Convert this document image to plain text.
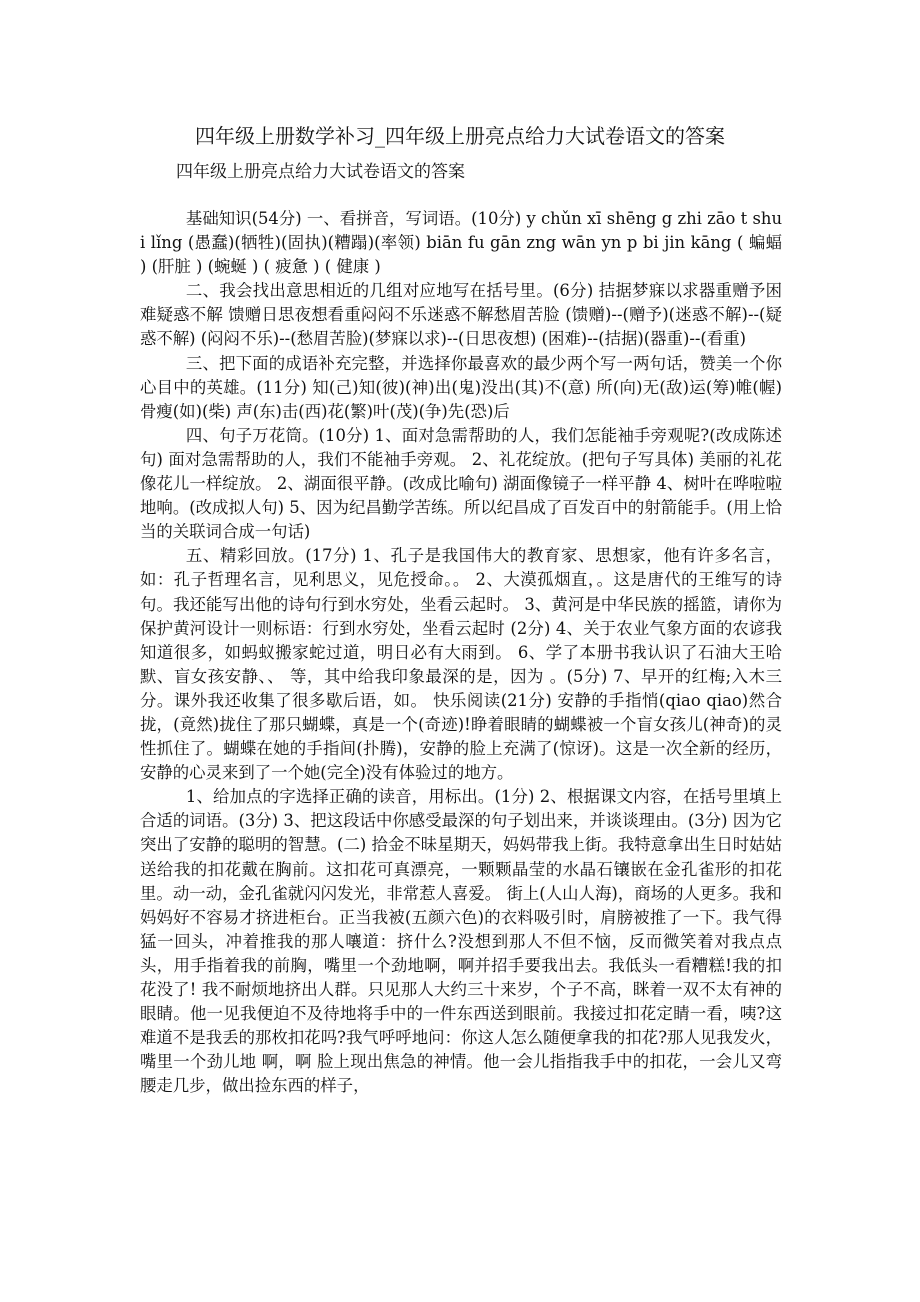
四年级上册数学补习_四年级上册亮点给力大试卷语文的答案

四年级上册亮点给力大试卷语文的答案

基础知识(54分) 一、看拼音，写词语。(10分) y chǔn xī shēng g zhi zāo t shui lǐng (愚蠢)(牺牲)(固执)(糟蹋)(率领) biān fu gān zng wān yn p bi jin kāng ( 蝙蝠 ) (肝脏 ) (蜿蜒 ) ( 疲惫 ) ( 健康 )

二、我会找出意思相近的几组对应地写在括号里。(6分) 拮据梦寐以求器重赠予困难疑惑不解 馈赠日思夜想看重闷闷不乐迷惑不解愁眉苦脸 (馈赠)--(赠予)(迷惑不解)--(疑惑不解) (闷闷不乐)--(愁眉苦脸)(梦寐以求)--(日思夜想) (困难)--(拮据)(器重)--(看重)

三、把下面的成语补充完整，并选择你最喜欢的最少两个写一两句话，赞美一个你心目中的英雄。(11分) 知(己)知(彼)(神)出(鬼)没出(其)不(意) 所(向)无(敌)运(筹)帷(幄)骨瘦(如)(柴) 声(东)击(西)花(繁)叶(茂)(争)先(恐)后

四、句子万花筒。(10分) 1、面对急需帮助的人，我们怎能袖手旁观呢?(改成陈述句) 面对急需帮助的人，我们不能袖手旁观。 2、礼花绽放。(把句子写具体) 美丽的礼花像花儿一样绽放。 2、湖面很平静。(改成比喻句) 湖面像镜子一样平静 4、树叶在哗啦啦地响。(改成拟人句) 5、因为纪昌勤学苦练。所以纪昌成了百发百中的射箭能手。(用上恰当的关联词合成一句话)

五、精彩回放。(17分) 1、孔子是我国伟大的教育家、思想家，他有许多名言，如：孔子哲理名言，见利思义，见危授命。。 2、大漠孤烟直，。这是唐代的王维写的诗句。我还能写出他的诗句行到水穷处，坐看云起时。 3、黄河是中华民族的摇篮，请你为保护黄河设计一则标语：行到水穷处，坐看云起时 (2分) 4、关于农业气象方面的农谚我知道很多，如蚂蚁搬家蛇过道，明日必有大雨到。 6、学了本册书我认识了石油大王哈默、盲女孩安静、、 等，其中给我印象最深的是，因为 。(5分) 7、早开的红梅;入木三分。课外我还收集了很多歇后语，如。 快乐阅读(21分) 安静的手指悄(qiao qiao)然合拢，(竟然)拢住了那只蝴蝶，真是一个(奇迹)!睁着眼睛的蝴蝶被一个盲女孩儿(神奇)的灵性抓住了。蝴蝶在她的手指间(扑腾)，安静的脸上充满了(惊讶)。这是一次全新的经历，安静的心灵来到了一个她(完全)没有体验过的地方。

1、给加点的字选择正确的读音，用标出。(1分) 2、根据课文内容，在括号里填上合适的词语。(3分) 3、把这段话中你感受最深的句子划出来，并谈谈理由。(3分) 因为它突出了安静的聪明的智慧。(二) 拾金不昧星期天，妈妈带我上街。我特意拿出生日时姑姑送给我的扣花戴在胸前。这扣花可真漂亮，一颗颗晶莹的水晶石镶嵌在金孔雀形的扣花里。动一动，金孔雀就闪闪发光，非常惹人喜爱。 街上(人山人海)，商场的人更多。我和妈妈好不容易才挤进柜台。正当我被(五颜六色)的衣料吸引时，肩膀被推了一下。我气得猛一回头，冲着推我的那人嚷道：挤什么?没想到那人不但不恼，反而微笑着对我点点头，用手指着我的前胸，嘴里一个劲地啊，啊并招手要我出去。我低头一看糟糕!我的扣花没了! 我不耐烦地挤出人群。只见那人大约三十来岁，个子不高，眯着一双不太有神的眼睛。他一见我便迫不及待地将手中的一件东西送到眼前。我接过扣花定睛一看，咦?这难道不是我丢的那枚扣花吗?我气呼呼地问：你这人怎么随便拿我的扣花?那人见我发火，嘴里一个劲儿地 啊，啊 脸上现出焦急的神情。他一会儿指指我手中的扣花，一会儿又弯腰走几步，做出捡东西的样子，
